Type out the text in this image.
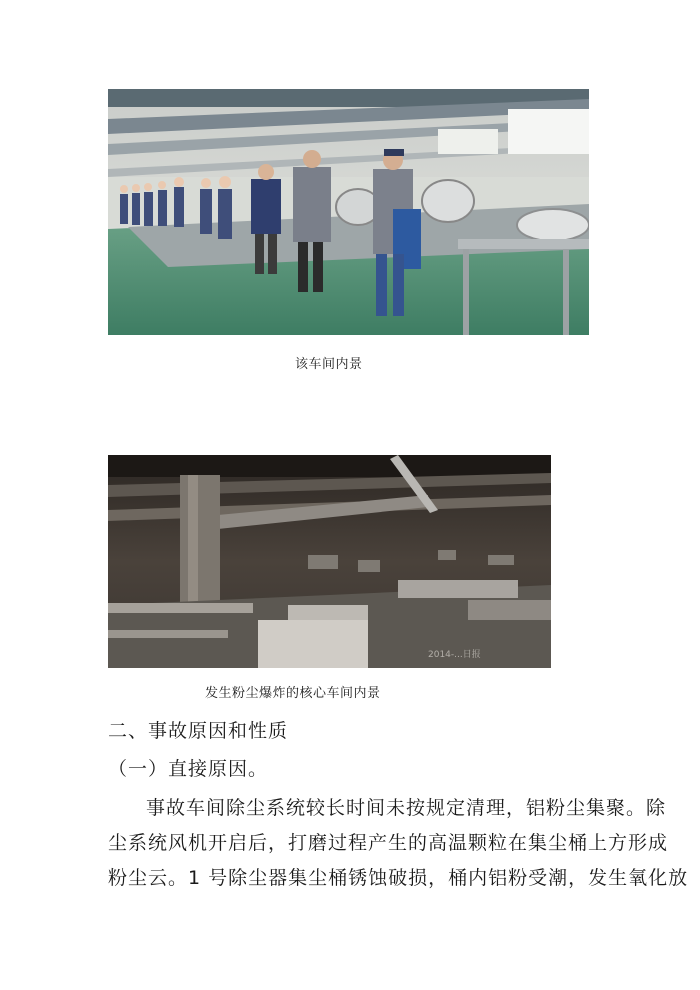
该车间内景
2014-...日报
发生粉尘爆炸的核心车间内景
二、事故原因和性质
（一）直接原因。
事故车间除尘系统较长时间未按规定清理，铝粉尘集聚。除
尘系统风机开启后，打磨过程产生的高温颗粒在集尘桶上方形成
粉尘云。1 号除尘器集尘桶锈蚀破损，桶内铝粉受潮，发生氧化放
